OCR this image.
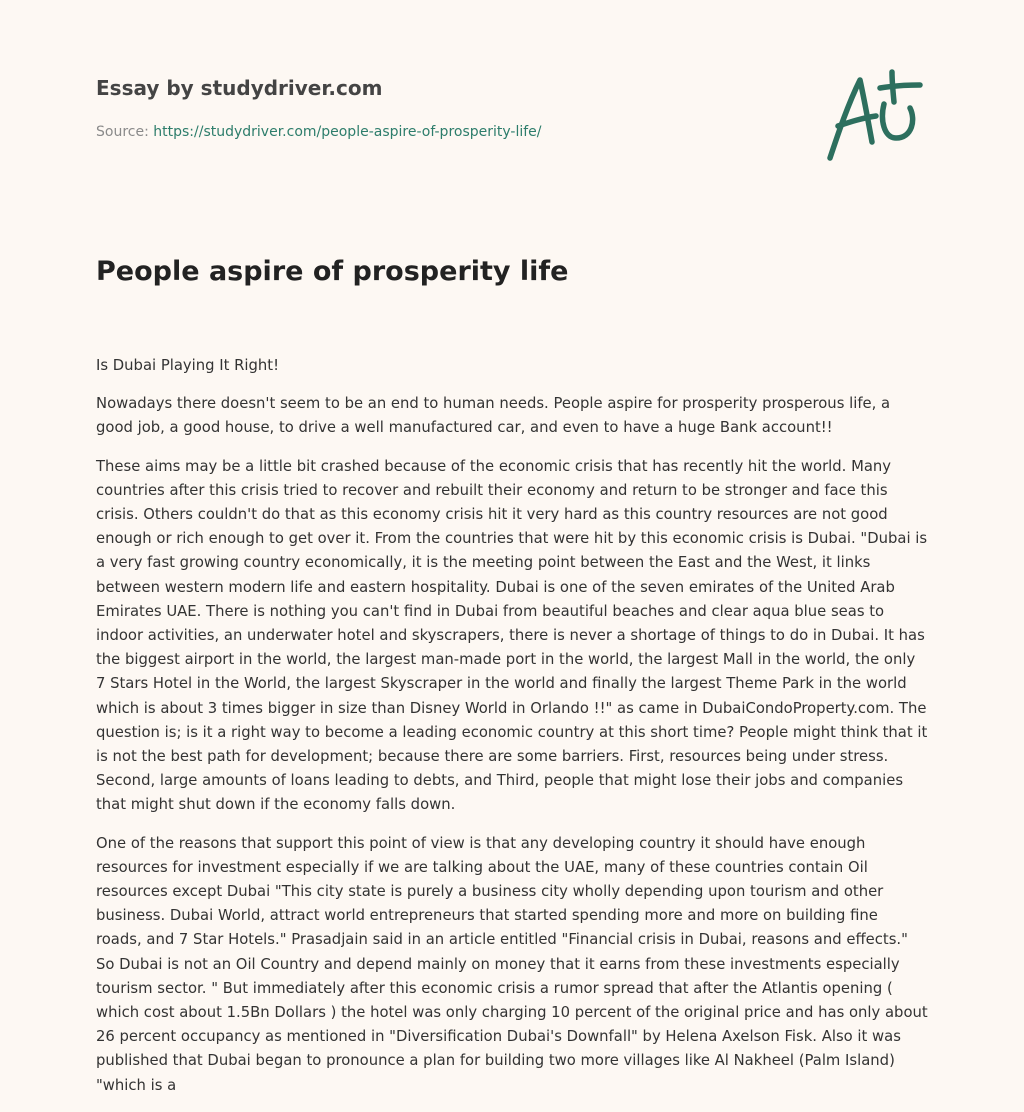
Essay by studydriver.com
Source: https://studydriver.com/people-aspire-of-prosperity-life/
People aspire of prosperity life

Is Dubai Playing It Right!

Nowadays there doesn't seem to be an end to human needs. People aspire for prosperity prosperous life, a good job, a good house, to drive a well manufactured car, and even to have a huge Bank account!!

These aims may be a little bit crashed because of the economic crisis that has recently hit the world. Many countries after this crisis tried to recover and rebuilt their economy and return to be stronger and face this crisis. Others couldn't do that as this economy crisis hit it very hard as this country resources are not good enough or rich enough to get over it. From the countries that were hit by this economic crisis is Dubai. "Dubai is a very fast growing country economically, it is the meeting point between the East and the West, it links between western modern life and eastern hospitality. Dubai is one of the seven emirates of the United Arab Emirates UAE. There is nothing you can't find in Dubai from beautiful beaches and clear aqua blue seas to indoor activities, an underwater hotel and skyscrapers, there is never a shortage of things to do in Dubai. It has the biggest airport in the world, the largest man-made port in the world, the largest Mall in the world, the only 7 Stars Hotel in the World, the largest Skyscraper in the world and finally the largest Theme Park in the world which is about 3 times bigger in size than Disney World in Orlando !!" as came in DubaiCondoProperty.com. The question is; is it a right way to become a leading economic country at this short time? People might think that it is not the best path for development; because there are some barriers. First, resources being under stress. Second, large amounts of loans leading to debts, and Third, people that might lose their jobs and companies that might shut down if the economy falls down.

One of the reasons that support this point of view is that any developing country it should have enough resources for investment especially if we are talking about the UAE, many of these countries contain Oil resources except Dubai "This city state is purely a business city wholly depending upon tourism and other business. Dubai World, attract world entrepreneurs that started spending more and more on building fine roads, and 7 Star Hotels." Prasadjain said in an article entitled "Financial crisis in Dubai, reasons and effects." So Dubai is not an Oil Country and depend mainly on money that it earns from these investments especially tourism sector. " But immediately after this economic crisis a rumor spread that after the Atlantis opening ( which cost about 1.5Bn Dollars ) the hotel was only charging 10 percent of the original price and has only about 26 percent occupancy as mentioned in "Diversification Dubai's Downfall" by Helena Axelson Fisk. Also it was published that Dubai began to pronounce a plan for building two more villages like Al Nakheel (Palm Island) "which is a
